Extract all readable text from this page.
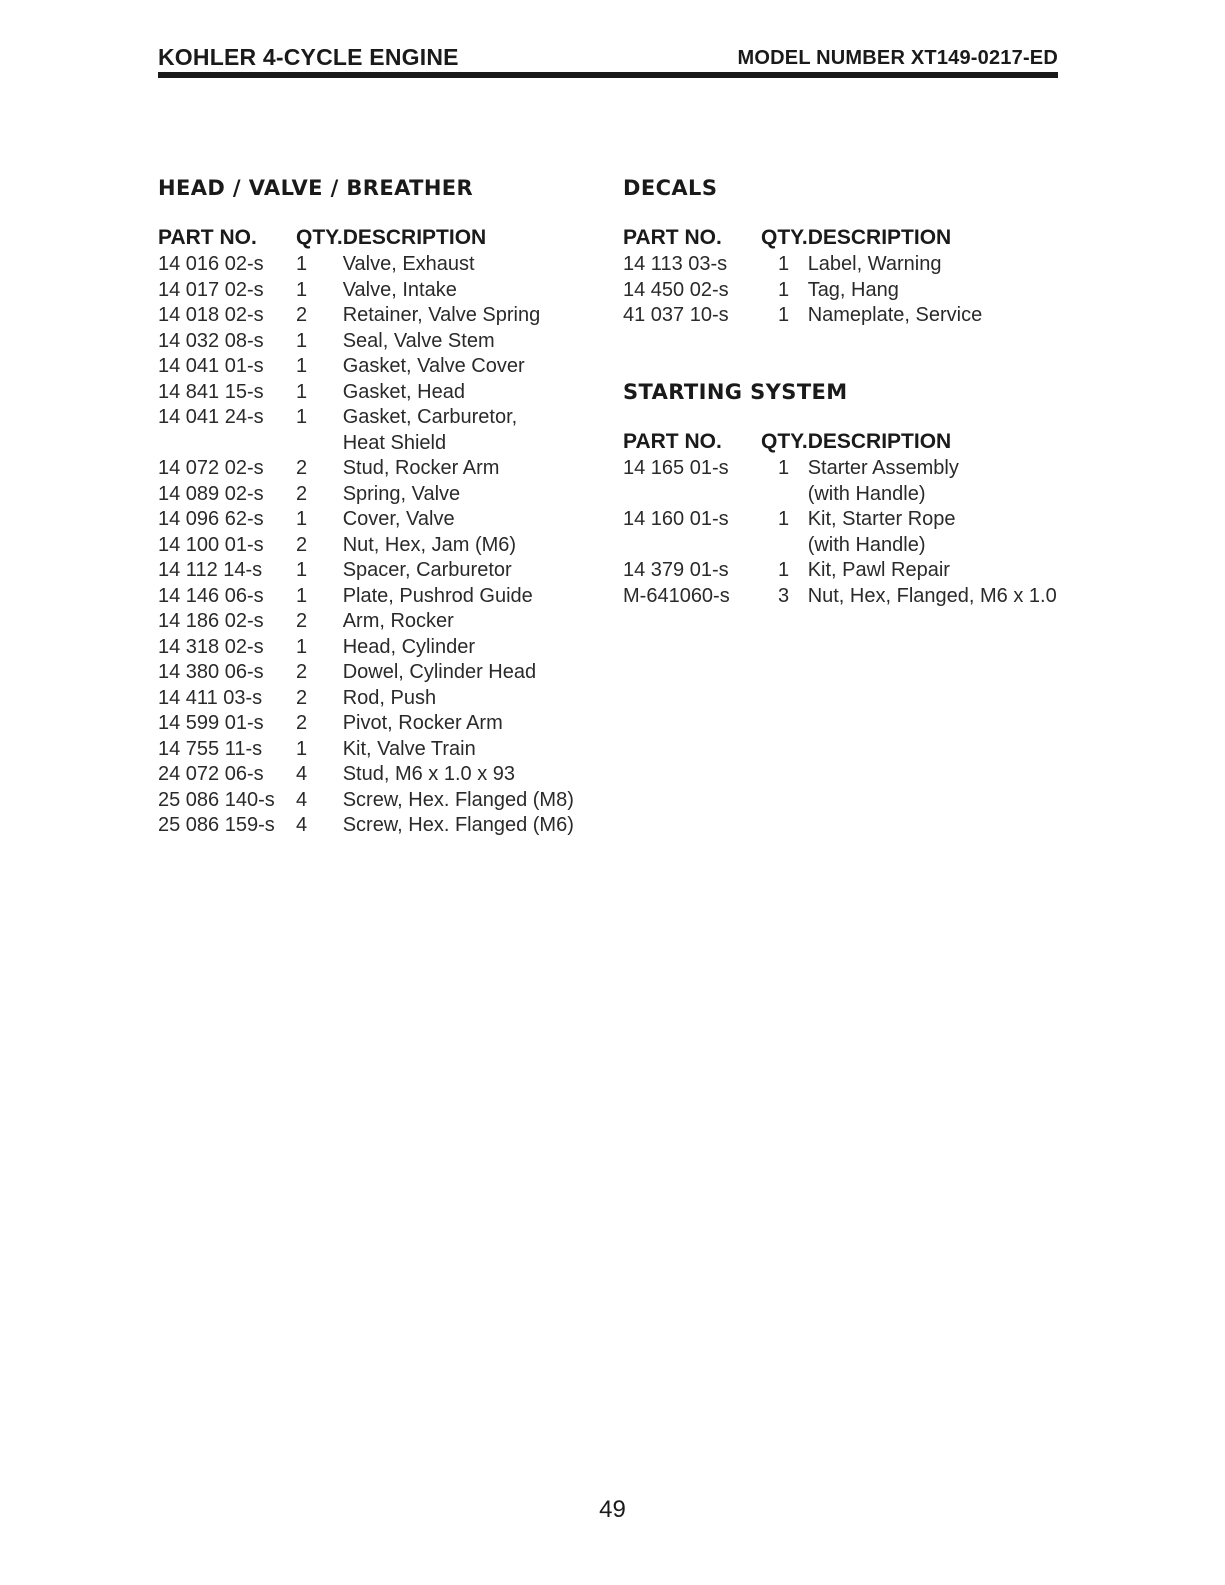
KOHLER 4-CYCLE ENGINE	MODEL NUMBER XT149-0217-ED
HEAD / VALVE / BREATHER
PART NO.	QTY.	DESCRIPTION
14 016 02-s	1	Valve, Exhaust
14 017 02-s	1	Valve, Intake
14 018 02-s	2	Retainer, Valve Spring
14 032 08-s	1	Seal, Valve Stem
14 041 01-s	1	Gasket, Valve Cover
14 841 15-s	1	Gasket, Head
14 041 24-s	1	Gasket, Carburetor,
		Heat Shield
14 072 02-s	2	Stud, Rocker Arm
14 089 02-s	2	Spring, Valve
14 096 62-s	1	Cover, Valve
14 100 01-s	2	Nut, Hex, Jam (M6)
14 112 14-s	1	Spacer, Carburetor
14 146 06-s	1	Plate, Pushrod Guide
14 186 02-s	2	Arm, Rocker
14 318 02-s	1	Head, Cylinder
14 380 06-s	2	Dowel, Cylinder Head
14 411 03-s	2	Rod, Push
14 599 01-s	2	Pivot, Rocker Arm
14 755 11-s	1	Kit, Valve Train
24 072 06-s	4	Stud, M6 x 1.0 x 93
25 086 140-s	4	Screw, Hex. Flanged (M8)
25 086 159-s	4	Screw, Hex. Flanged (M6)
DECALS
PART NO.	QTY.	DESCRIPTION
14 113 03-s	1	Label, Warning
14 450 02-s	1	Tag, Hang
41 037 10-s	1	Nameplate, Service
STARTING SYSTEM
PART NO.	QTY.	DESCRIPTION
14 165 01-s	1	Starter Assembly
		(with Handle)
14 160 01-s	1	Kit, Starter Rope
		(with Handle)
14 379 01-s	1	Kit, Pawl Repair
M-641060-s	3	Nut, Hex, Flanged, M6 x 1.0
49
